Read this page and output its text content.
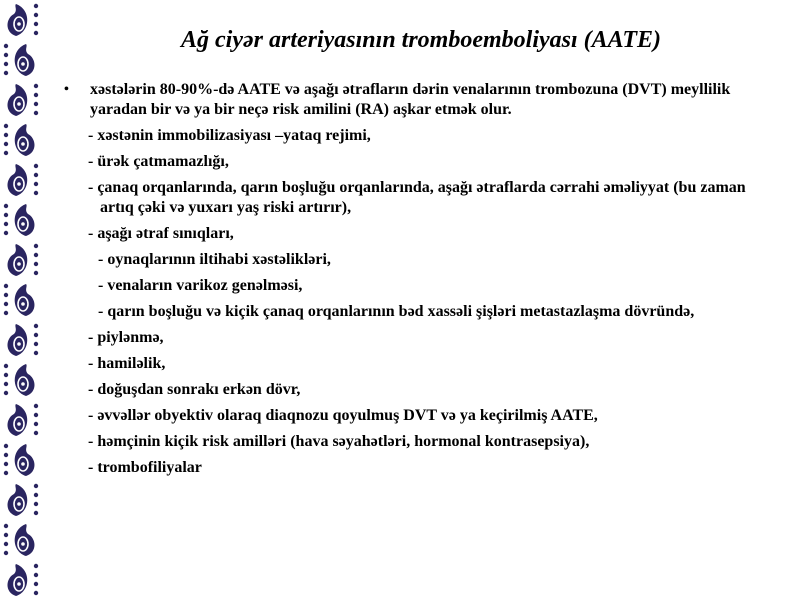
Ağ ciyər arteriyasının tromboemboliyası (AATE)
•	xəstələrin 80-90%-də AATE və aşağı ətrafların dərin venalarının trombozuna (DVT) meyllilik yaradan bir və ya bir neçə risk amilini (RA) aşkar etmək olur.
- xəstənin immobilizasiyası –yataq rejimi,
- ürək çatmamazlığı,
- çanaq orqanlarında, qarın boşluğu orqanlarında, aşağı ətraflarda cərrahi əməliyyat (bu zaman artıq çəki və yuxarı yaş riski artırır),
- aşağı ətraf sınıqları,
- oynaqlarının iltihabi xəstəlikləri,
- venaların varikoz genəlməsi,
- qarın boşluğu və kiçik çanaq orqanlarının bəd xassəli şişləri metastazlaşma dövründə,
- piylənmə,
- hamiləlik,
- doğuşdan sonrakı erkən dövr,
- əvvəllər obyektiv olaraq diaqnozu qoyulmuş DVT və ya keçirilmiş AATE,
- həmçinin kiçik risk amilləri (hava səyahətləri, hormonal kontrasepsiya),
- trombofiliyalar
